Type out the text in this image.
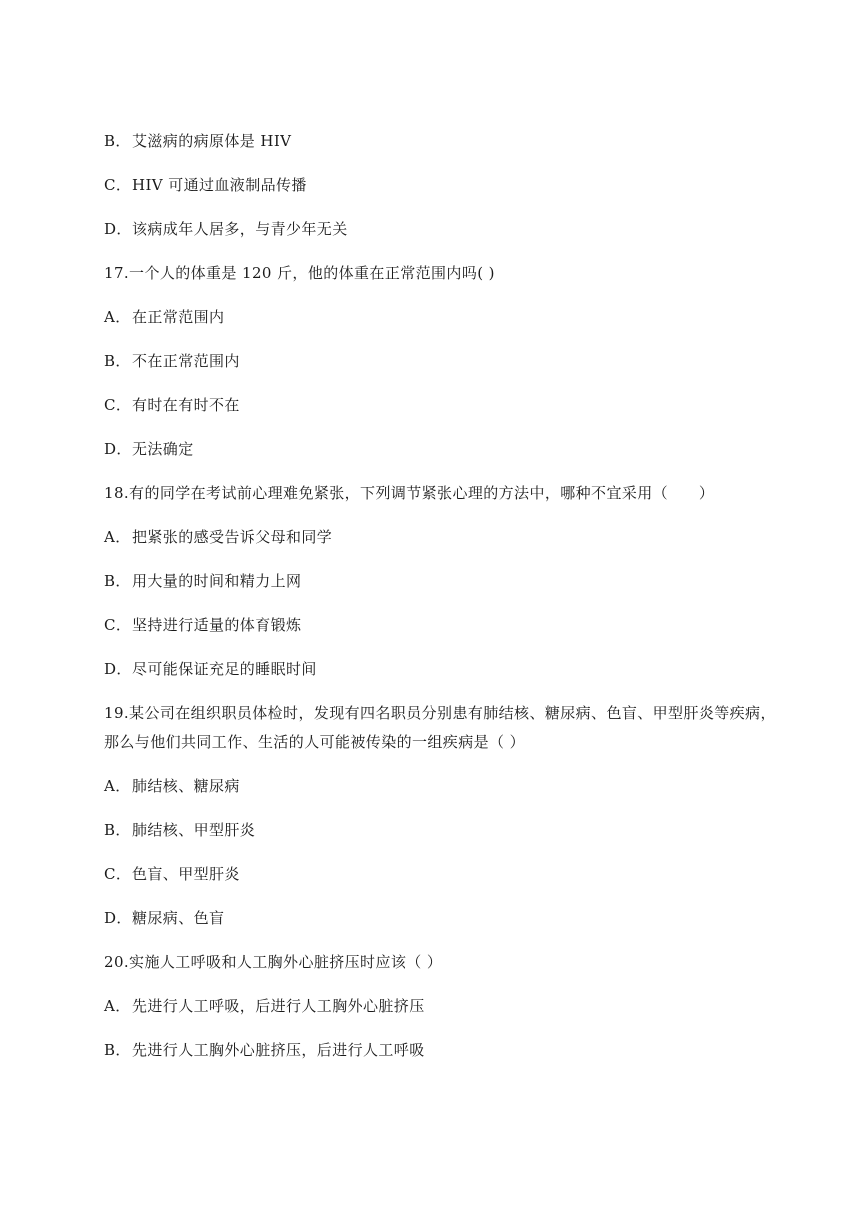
B．艾滋病的病原体是 HIV
C．HIV 可通过血液制品传播
D．该病成年人居多，与青少年无关
17.一个人的体重是 120 斤，他的体重在正常范围内吗( )
A．在正常范围内
B．不在正常范围内
C．有时在有时不在
D．无法确定
18.有的同学在考试前心理难免紧张，下列调节紧张心理的方法中，哪种不宜采用（　　）
A．把紧张的感受告诉父母和同学
B．用大量的时间和精力上网
C．坚持进行适量的体育锻炼
D．尽可能保证充足的睡眠时间
19.某公司在组织职员体检时，发现有四名职员分别患有肺结核、糖尿病、色盲、甲型肝炎等疾病，
那么与他们共同工作、生活的人可能被传染的一组疾病是（ ）
A．肺结核、糖尿病
B．肺结核、甲型肝炎
C．色盲、甲型肝炎
D．糖尿病、色盲
20.实施人工呼吸和人工胸外心脏挤压时应该（ ）
A．先进行人工呼吸，后进行人工胸外心脏挤压
B．先进行人工胸外心脏挤压，后进行人工呼吸
